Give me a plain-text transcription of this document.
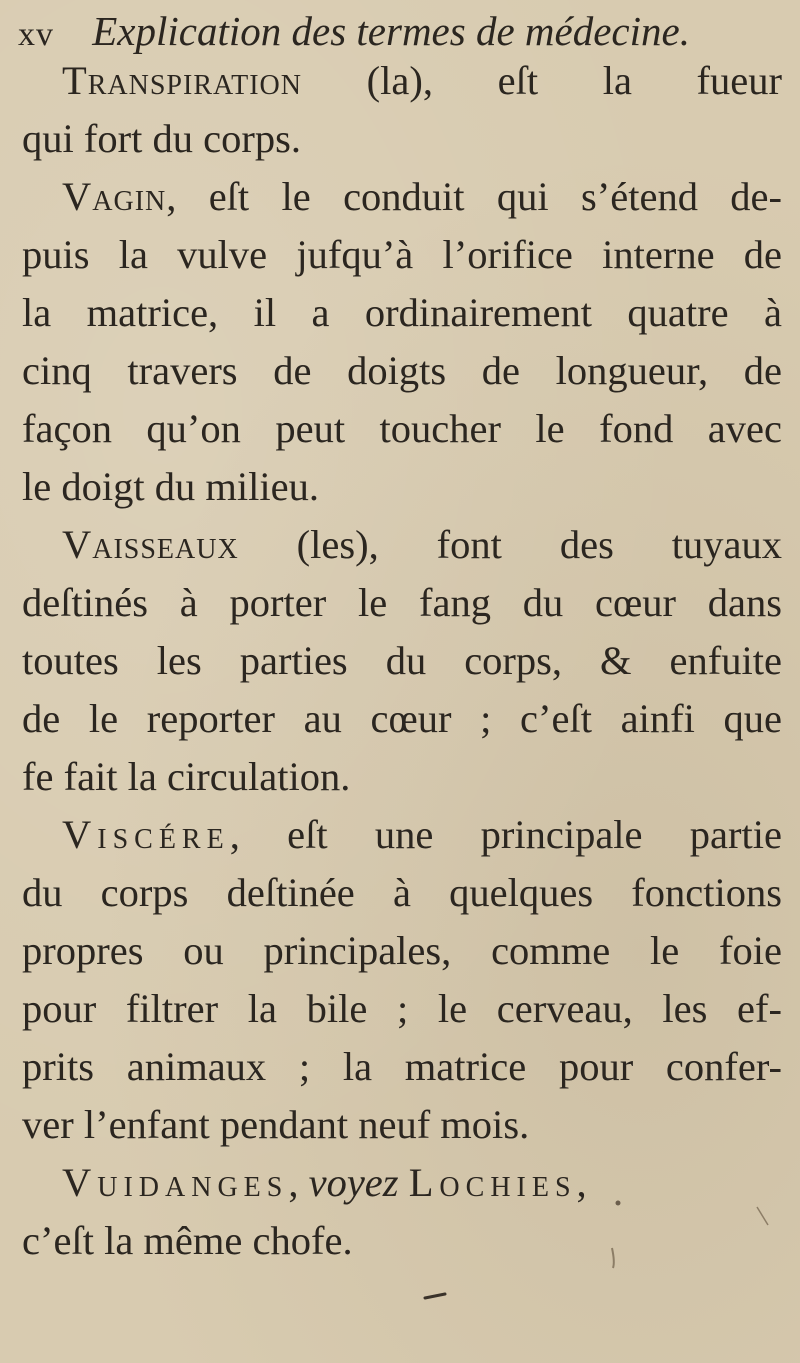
xv Explication des termes de médecine.
Transpiration (la), eſt la fueur
qui fort du corps.
Vagin, eſt le conduit qui s’étend de-
puis la vulve jufqu’à l’orifice interne de
la matrice, il a ordinairement quatre à
cinq travers de doigts de longueur, de
façon qu’on peut toucher le fond avec
le doigt du milieu.
Vaisseaux (les), font des tuyaux
deſtinés à porter le fang du cœur dans
toutes les parties du corps, & enfuite
de le reporter au cœur ; c’eſt ainfi que
fe fait la circulation.
Viscére, eſt une principale partie
du corps deſtinée à quelques fonctions
propres ou principales, comme le foie
pour filtrer la bile ; le cerveau, les ef-
prits animaux ; la matrice pour confer-
ver l’enfant pendant neuf mois.
Vuidanges, voyez Lochies,
c’eſt la même chofe.
